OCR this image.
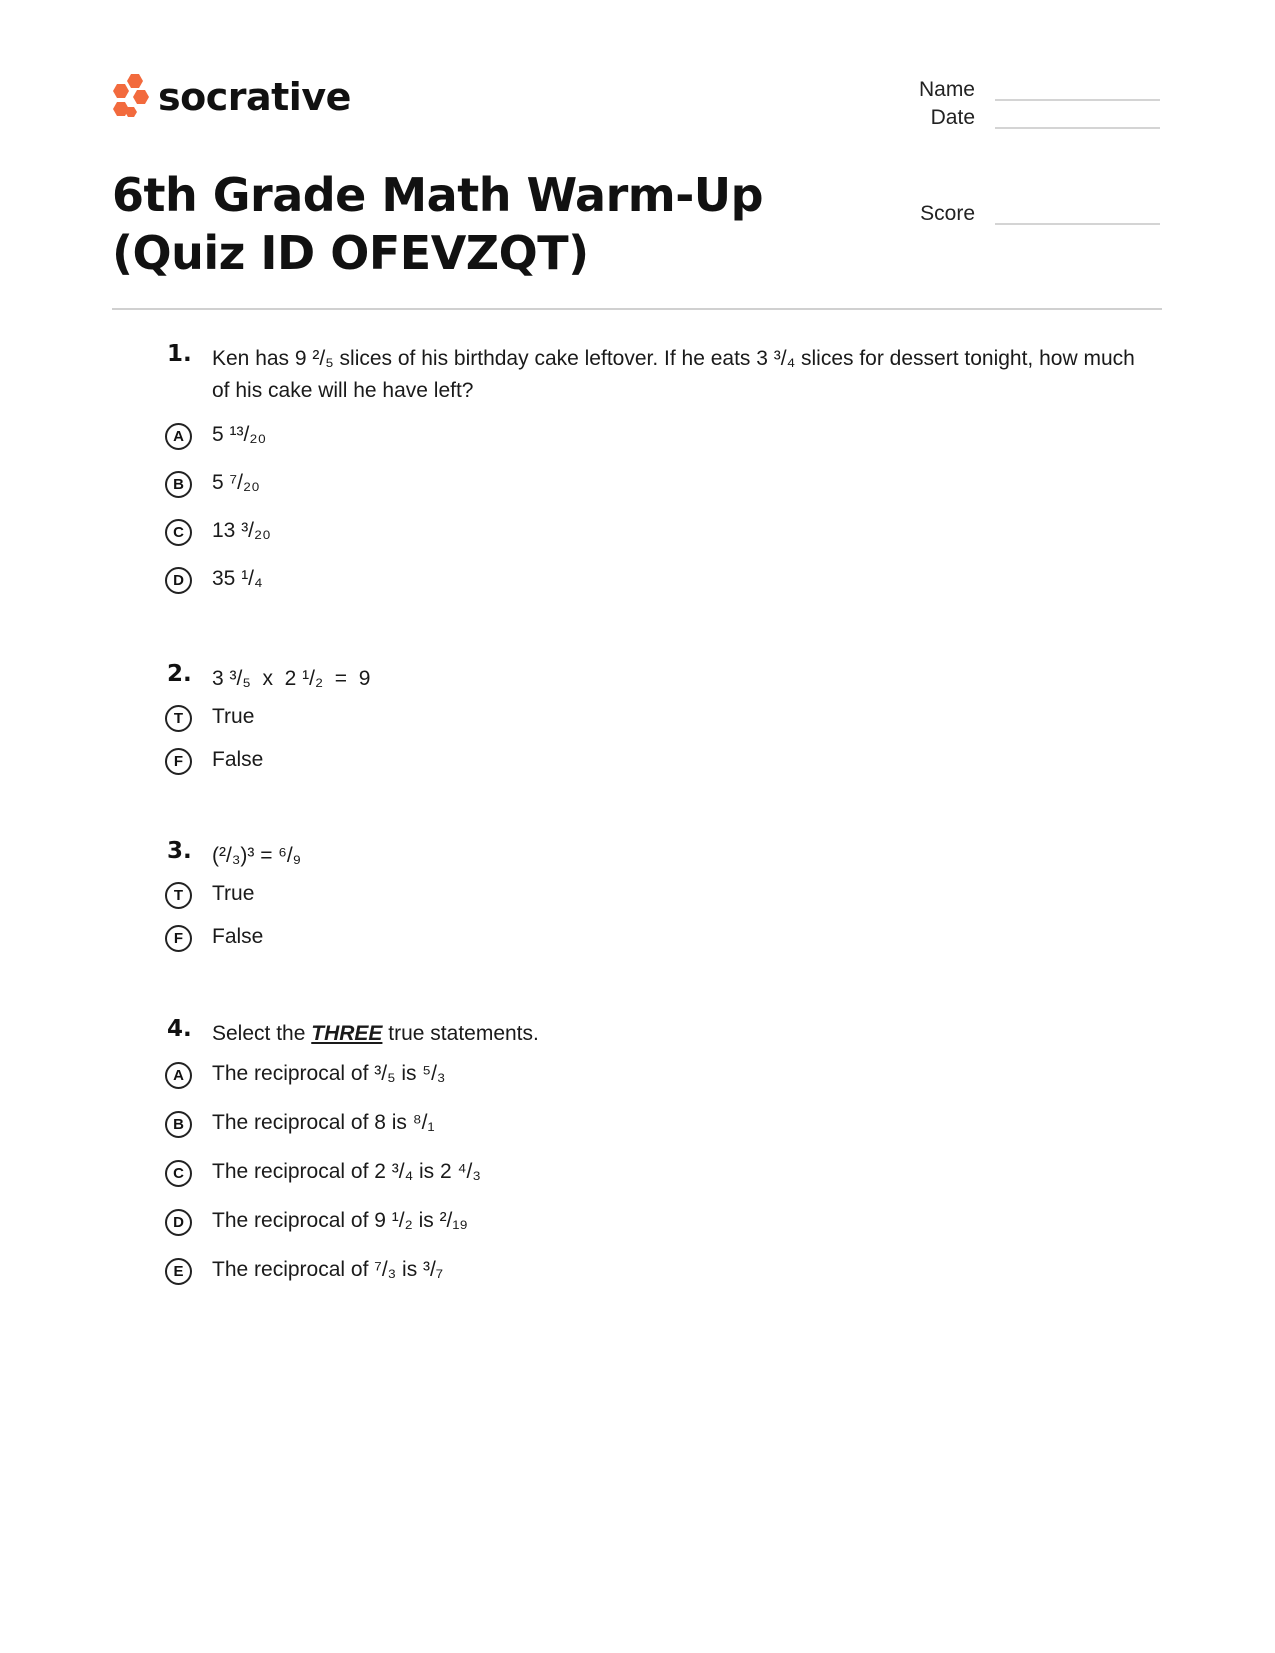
socrative	Name
Date
Score
6th Grade Math Warm-Up (Quiz ID OFEVZQT)
1. Ken has 9 ²/₅ slices of his birthday cake leftover. If he eats 3 ³/₄ slices for dessert tonight, how much of his cake will he have left?
A	5 ¹³/₂₀
B	5 ⁷/₂₀
C	13 ³/₂₀
D	35 ¹/₄
2. 3 ³/₅  x  2 ¹/₂  =  9
T	True
F	False
3. (²/₃)³ = ⁶/₉
T	True
F	False
4. Select the THREE true statements.
A	The reciprocal of ³/₅ is ⁵/₃
B	The reciprocal of 8 is ⁸/₁
C	The reciprocal of 2 ³/₄ is 2 ⁴/₃
D	The reciprocal of 9 ¹/₂ is ²/₁₉
E	The reciprocal of ⁷/₃ is ³/₇
